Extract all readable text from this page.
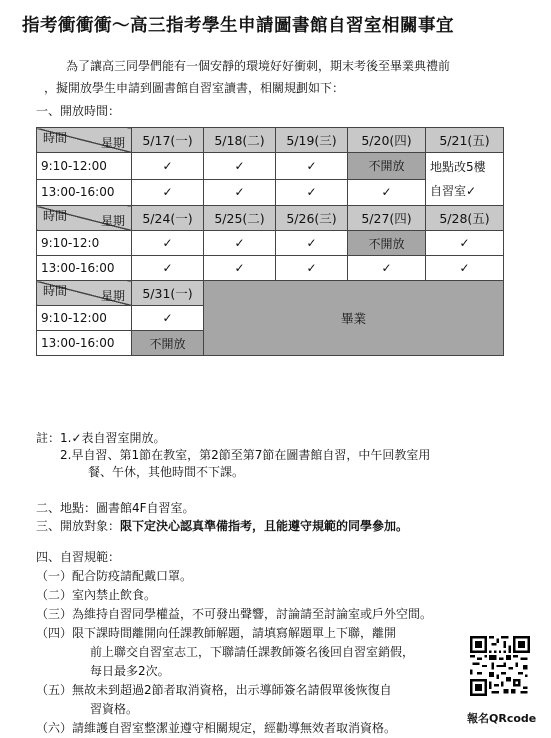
指考衝衝衝～高三指考學生申請圖書館自習室相關事宜
為了讓高三同學們能有一個安靜的環境好好衝刺，期末考後至畢業典禮前
，擬開放學生申請到圖書館自習室讀書，相關規劃如下：
一、開放時間：
星期
時間	5/17(一)	5/18(二)	5/19(三)	5/20(四)	5/21(五)
9:10-12:00	✓	✓	✓	不開放	地點改5樓
自習室✓

13:00-16:00	✓	✓	✓	✓	

星期
時間	5/24(一)	5/25(二)	5/26(三)	5/27(四)	5/28(五)
9:10-12:0	✓	✓	✓	不開放	✓
13:00-16:00	✓	✓	✓	✓	✓

星期
時間	5/31(一)	畢業			
9:10-12:00	✓				
13:00-16:00	不開放				
註：1.✓表自習室開放。
2.早自習、第1節在教室，第2節至第7節在圖書館自習，中午回教室用
餐、午休，其他時間不下課。
二、地點：圖書館4F自習室。
三、開放對象：限下定決心認真準備指考，且能遵守規範的同學參加。
四、自習規範：
（一）配合防疫請配戴口罩。
（二）室內禁止飲食。
（三）為維持自習同學權益，不可發出聲響，討論請至討論室或戶外空間。
（四）限下課時間離開向任課教師解題，請填寫解題單上下聯，離開
前上聯交自習室志工，下聯請任課教師簽名後回自習室銷假，
每日最多2次。
（五）無故未到超過2節者取消資格，出示導師簽名請假單後恢復自
習資格。
（六）請維護自習室整潔並遵守相關規定，經勸導無效者取消資格。
報名QRcode
